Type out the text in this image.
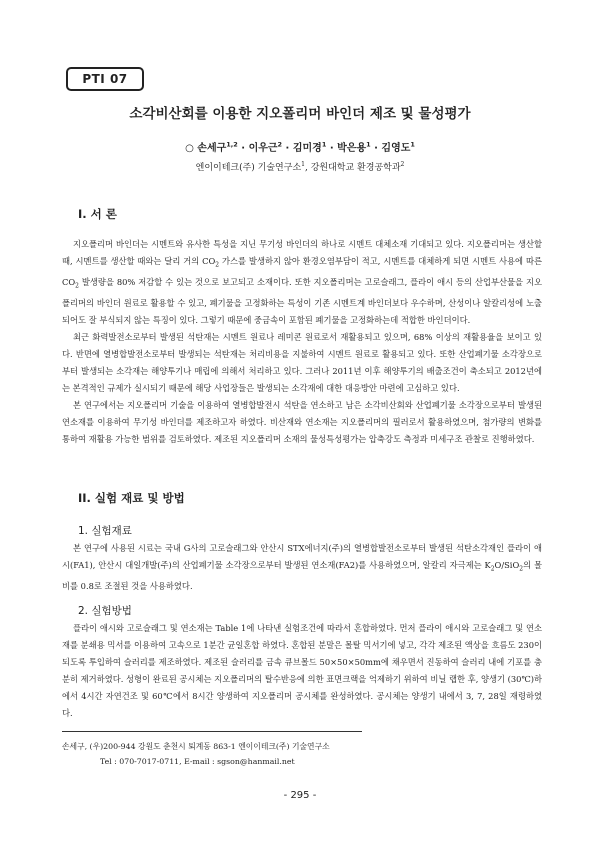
PTI 07
소각비산회를 이용한 지오폴리머 바인더 제조 및 물성평가
○ 손세구$^{1,2}$ · 이우근$^2$ · 김미경$^1$ · 박은용$^1$ · 김영도$^1$
엔이이테크(주) 기술연구소$^1$, 강원대학교 환경공학과$^2$
I. 서 론

지오폴리머 바인더는 시멘트와 유사한 특성을 지닌 무기성 바인더의 하나로 시멘트 대체소재 기대되고 있다. 지오폴리머는 생산할 때, 시멘트를 생산할 때와는 달리 거의 $CO_2$ 가스를 발생하지 않아 환경오염부담이 적고, 시멘트를 대체하게 되면 시멘트 사용에 따른 $CO_2$ 발생량을 80% 저감할 수 있는 것으로 보고되고 소재이다. 또한 지오폴리머는 고로슬래그, 플라이 애시 등의 산업부산물을 지오폴리머의 바인더 원료로 활용할 수 있고, 폐기물을 고정화하는 특성이 기존 시멘트계 바인더보다 우수하며, 산성이나 알칼리성에 노출되어도 잘 부식되지 않는 특징이 있다. 그렇기 때문에 중금속이 포함된 폐기물을 고정화하는데 적합한 바인더이다.

최근 화력발전소로부터 발생된 석탄재는 시멘트 원료나 레미콘 원료로서 재활용되고 있으며, 68% 이상의 재활용율을 보이고 있다. 반면에 열병합발전소로부터 발생되는 석탄재는 처리비용을 지불하여 시멘트 원료로 활용되고 있다. 또한 산업폐기물 소각장으로부터 발생되는 소각재는 해양투기나 매립에 의해서 처리하고 있다. 그러나 2011년 이후 해양투기의 배출조건이 축소되고 2012년에는 본격적인 규제가 실시되기 때문에 해당 사업장들은 발생되는 소각재에 대한 대응방안 마련에 고심하고 있다.

본 연구에서는 지오폴리머 기술을 이용하여 열병합발전시 석탄을 연소하고 남은 소각비산회와 산업폐기물 소각장으로부터 발생된 연소재를 이용하여 무기성 바인더를 제조하고자 하였다. 비산재와 연소재는 지오폴리머의 필러로서 활용하였으며, 첨가량의 변화를 통하여 재활용 가능한 범위를 검토하였다. 제조된 지오폴리머 소재의 물성특성평가는 압축강도 측정과 미세구조 관찰로 진행하였다.

II. 실험 재료 및 방법
1. 실험재료

본 연구에 사용된 시료는 국내 G사의 고로슬래그와 안산시 STX에너지(주)의 열병합발전소로부터 발생된 석탄소각재인 플라이 애시(FA1), 안산시 대일개발(주)의 산업폐기물 소각장으로부터 발생된 연소재(FA2)를 사용하였으며, 알칼리 자극제는 $K_2O/SiO_2$의 몰비를 0.8로 조절된 것을 사용하였다.

2. 실험방법

플라이 애시와 고로슬래그 및 연소재는 Table 1에 나타낸 실험조건에 따라서 혼합하였다. 먼저 플라이 애시와 고로슬래그 및 연소재를 분쇄용 믹서를 이용하여 고속으로 1분간 균일혼합 하였다. 혼합된 분말은 몰탈 믹서기에 넣고, 각각 제조된 액상을 흐름도 230이 되도록 투입하여 슬러리를 제조하였다. 제조된 슬러리를 금속 큐브몰드 50×50×50mm에 채우면서 진동하여 슬러리 내에 기포를 충분히 제거하였다. 성형이 완료된 공시체는 지오폴리머의 탈수반응에 의한 표면크랙을 억제하기 위하여 비닐 랩한 후, 양생기 (30℃)하에서 4시간 자연건조 및 60℃에서 8시간 양생하여 지오폴리머 공시체를 완성하였다. 공시체는 양생기 내에서 3, 7, 28일 재령하였다.

손세구, (우)200-944 강원도 춘천시 퇴계동 863-1 엔이이테크(주) 기술연구소
Tel : 070-7017-0711, E-mail : sgson@hanmail.net
- 295 -
